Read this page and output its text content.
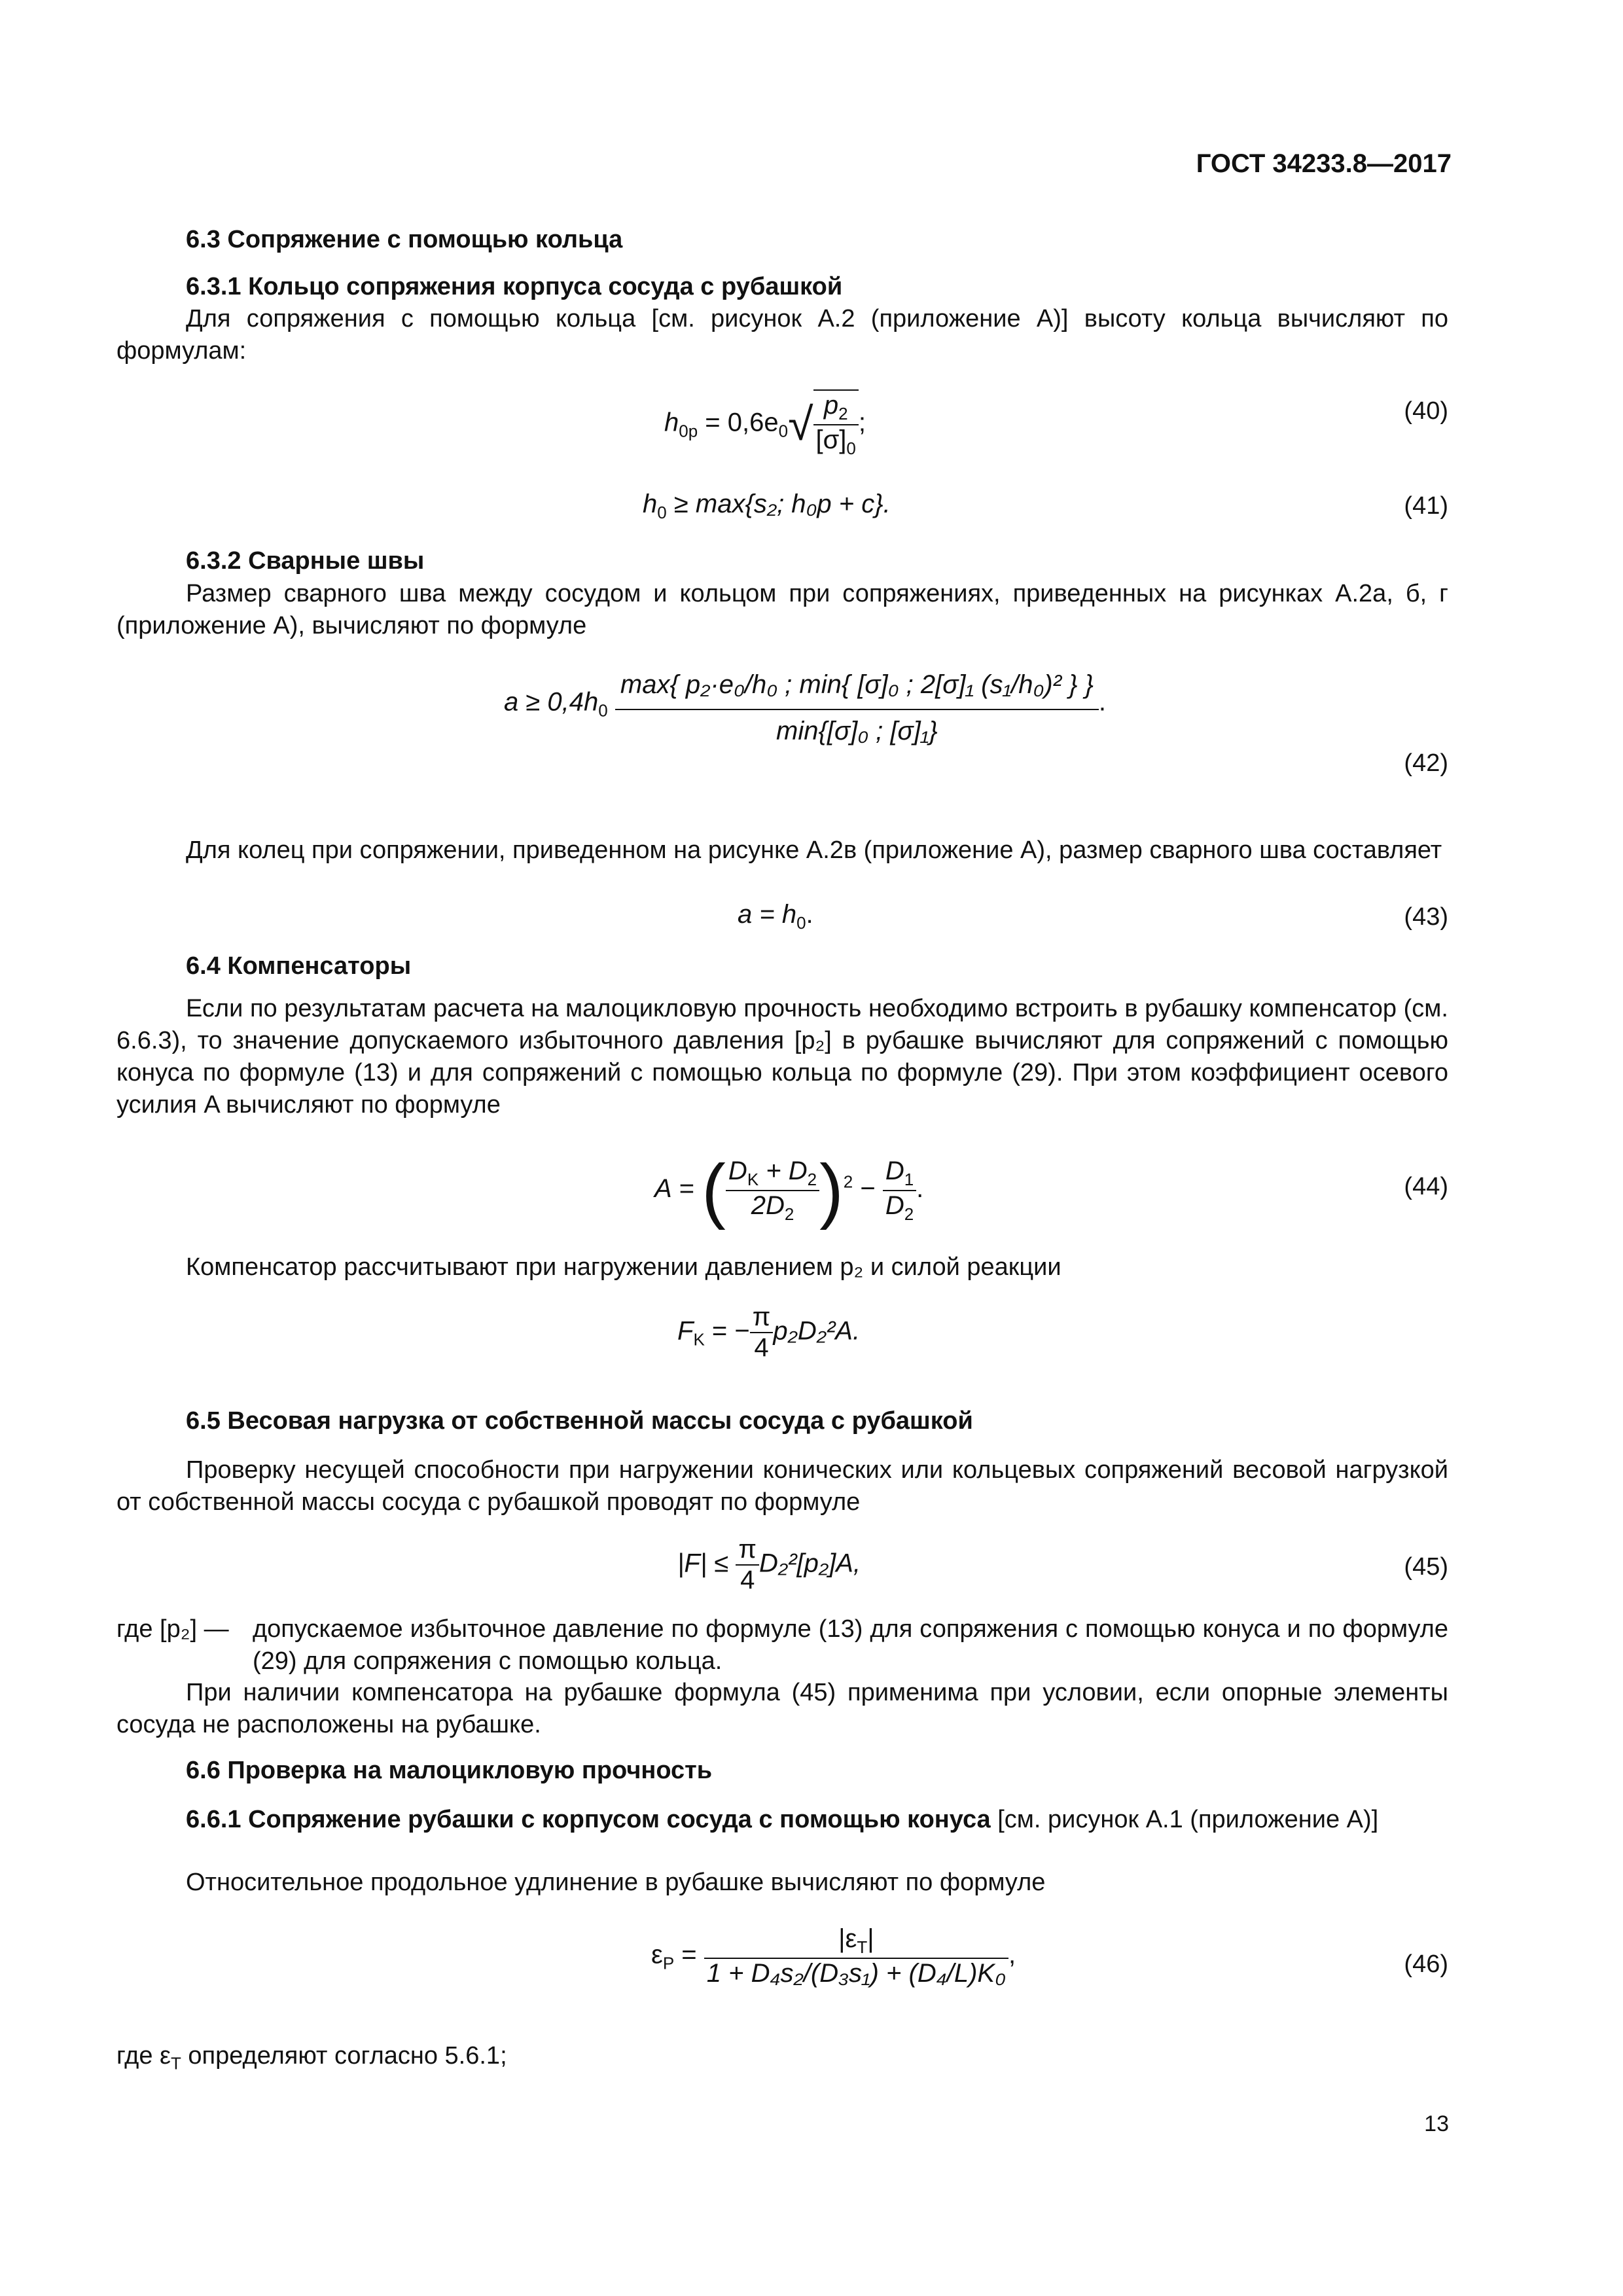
ГОСТ 34233.8—2017
6.3 Сопряжение с помощью кольца
6.3.1 Кольцо сопряжения корпуса сосуда с рубашкой
Для сопряжения с помощью кольца [см. рисунок А.2 (приложение А)] высоту кольца вычисляют по формулам:
$h_{0p} = 0,6e_0√ \frac{p_2}{[\sigma]_0}$ ;	(40)
$h_0 \ge \max\{s_2$; h₀p + c}.	(41)
6.3.2 Сварные швы
Размер сварного шва между сосудом и кольцом при сопряжениях, приведенных на рисунках А.2а, б, г (приложение А), вычисляют по формуле
$a \ge 0,4h_0$
max{ p₂·e₀/h₀ ; min{ [σ]₀ ; 2[σ]₁ (s₁/h₀)² } }
min{[σ]₀ ; [σ]₁}
.
(42)
Для колец при сопряжении, приведенном на рисунке А.2в (приложение А), размер сварного шва составляет
$a = h_0$.	(43)
6.4 Компенсаторы
Если по результатам расчета на малоцикловую прочность необходимо встроить в рубашку компенсатор (см. 6.6.3), то значение допускаемого избыточного давления [p₂] в рубашке вычисляют для сопряжений с помощью конуса по формуле (13) и для сопряжений с помощью кольца по формуле (29). При этом коэффициент осевого усилия A вычисляют по формуле
A = ( $\frac{D_K + D_2}{2D_2} )^2 - \frac{D_1}{D_2}$ .	(44)
Компенсатор рассчитывают при нагружении давлением p₂ и силой реакции
$F_K$ = − $\frac{\pi}{4} p_2D_2^2A$.
6.5 Весовая нагрузка от собственной массы сосуда с рубашкой
Проверку несущей способности при нагружении конических или кольцевых сопряжений весовой нагрузкой от собственной массы сосуда с рубашкой проводят по формуле
$|F| \le \frac{\pi}{4} D_2^2[p_2]A$,	(45)
где [p₂] — допускаемое избыточное давление по формуле (13) для сопряжения с помощью конуса и по формуле (29) для сопряжения с помощью кольца.
При наличии компенсатора на рубашке формула (45) применима при условии, если опорные элементы сосуда не расположены на рубашке.
6.6 Проверка на малоцикловую прочность
6.6.1 Сопряжение рубашки с корпусом сосуда с помощью конуса [см. рисунок А.1 (приложение А)]
Относительное продольное удлинение в рубашке вычисляют по формуле
$\varepsilon_P = \frac{|\varepsilon_T|}{\text{1 + D₄s₂/(D₃s₁) + (D₄/L)K₀}}$ ,	(46)
где $\varepsilon_T$ определяют согласно 5.6.1;
13
